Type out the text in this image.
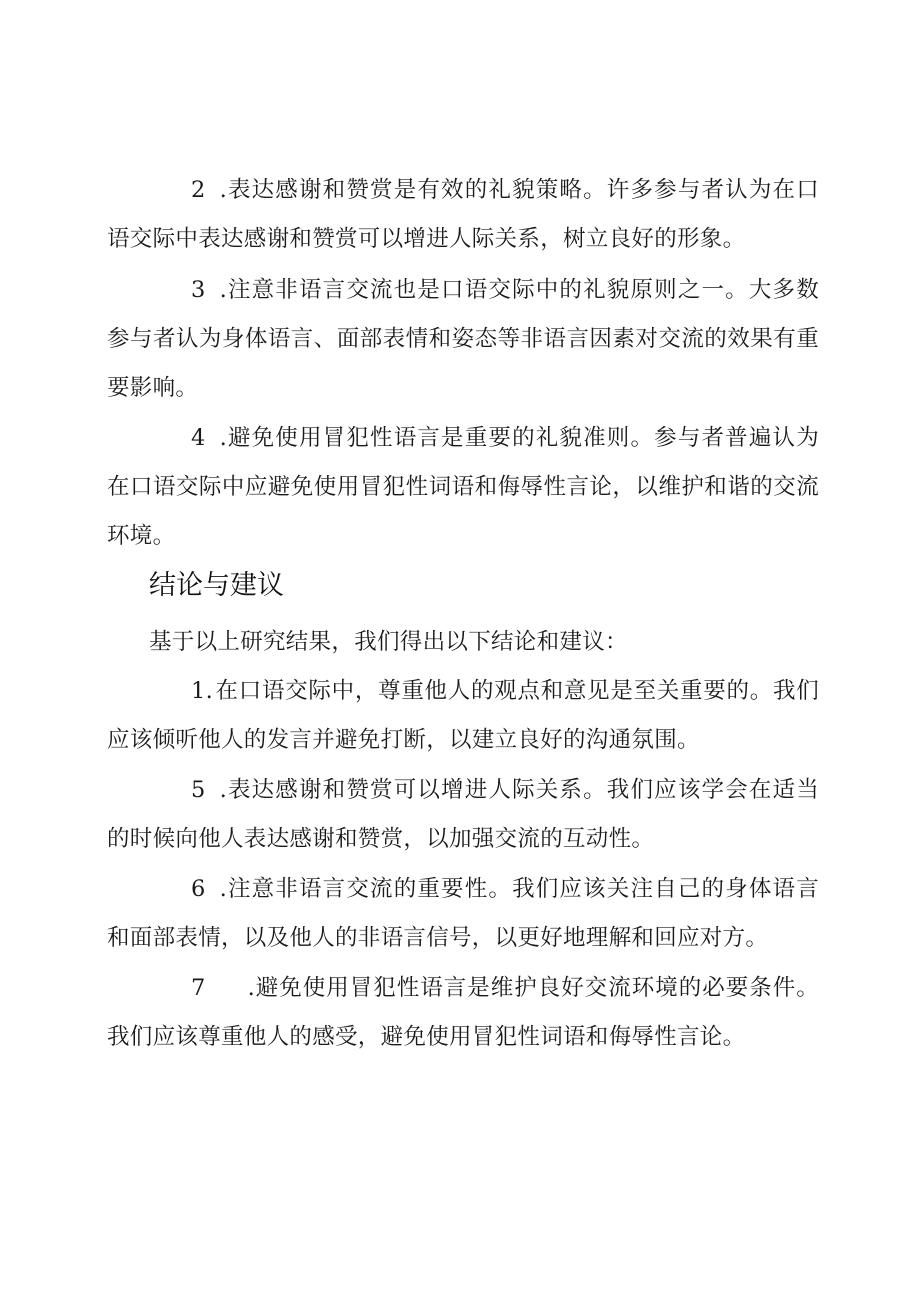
2 .表达感谢和赞赏是有效的礼貌策略。许多参与者认为在口语交际中表达感谢和赞赏可以增进人际关系，树立良好的形象。

3 .注意非语言交流也是口语交际中的礼貌原则之一。大多数参与者认为身体语言、面部表情和姿态等非语言因素对交流的效果有重要影响。

4 .避免使用冒犯性语言是重要的礼貌准则。参与者普遍认为在口语交际中应避免使用冒犯性词语和侮辱性言论，以维护和谐的交流环境。

结论与建议

基于以上研究结果，我们得出以下结论和建议：

1.在口语交际中，尊重他人的观点和意见是至关重要的。我们应该倾听他人的发言并避免打断，以建立良好的沟通氛围。

5 .表达感谢和赞赏可以增进人际关系。我们应该学会在适当的时候向他人表达感谢和赞赏，以加强交流的互动性。

6 .注意非语言交流的重要性。我们应该关注自己的身体语言和面部表情，以及他人的非语言信号，以更好地理解和回应对方。

7 .避免使用冒犯性语言是维护良好交流环境的必要条件。我们应该尊重他人的感受，避免使用冒犯性词语和侮辱性言论。
